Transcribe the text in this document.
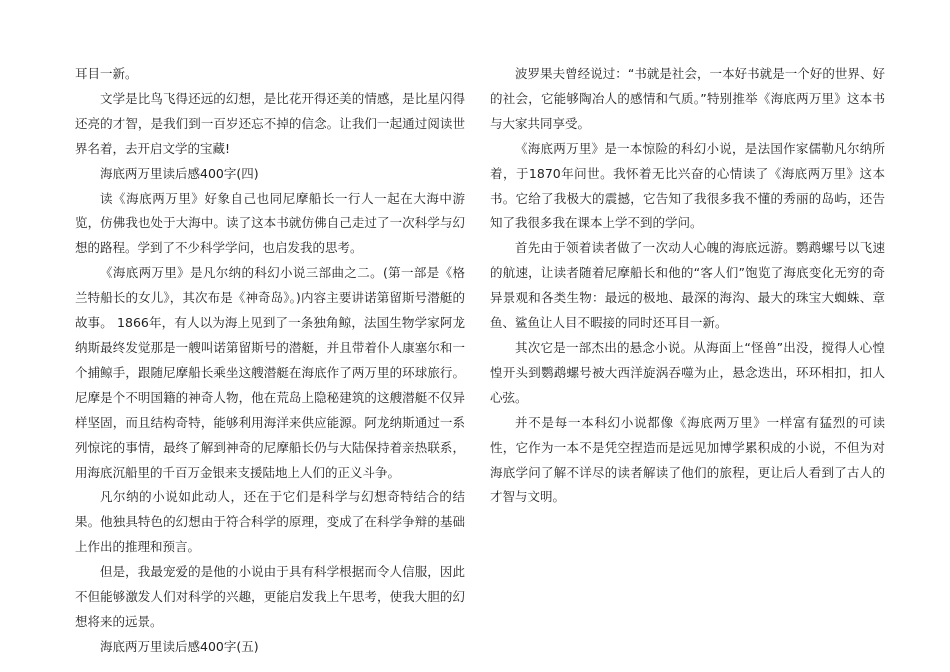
耳目一新。

文学是比鸟飞得还远的幻想，是比花开得还美的情感，是比星闪得还亮的才智，是我们到一百岁还忘不掉的信念。让我们一起通过阅读世界名着，去开启文学的宝藏!

海底两万里读后感400字(四)

读《海底两万里》好象自己也同尼摩船长一行人一起在大海中游览，仿佛我也处于大海中。读了这本书就仿佛自己走过了一次科学与幻想的路程。学到了不少科学学问，也启发我的思考。

《海底两万里》是凡尔纳的科幻小说三部曲之二。(第一部是《格兰特船长的女儿》，其次布是《神奇岛》。)内容主要讲诺第留斯号潜艇的故事。 1866年，有人以为海上见到了一条独角鲸，法国生物学家阿龙纳斯最终发觉那是一艘叫诺第留斯号的潜艇，并且带着仆人康塞尔和一个捕鲸手，跟随尼摩船长乘坐这艘潜艇在海底作了两万里的环球旅行。尼摩是个不明国籍的神奇人物，他在荒岛上隐秘建筑的这艘潜艇不仅异样坚固，而且结构奇特，能够利用海洋来供应能源。阿龙纳斯通过一系列惊诧的事情，最终了解到神奇的尼摩船长仍与大陆保持着亲热联系，用海底沉船里的千百万金银来支援陆地上人们的正义斗争。

凡尔纳的小说如此动人，还在于它们是科学与幻想奇特结合的结果。他独具特色的幻想由于符合科学的原理，变成了在科学争辩的基础上作出的推理和预言。

但是，我最宠爱的是他的小说由于具有科学根据而令人信服，因此不但能够激发人们对科学的兴趣，更能启发我上午思考，使我大胆的幻想将来的远景。

海底两万里读后感400字(五)

波罗果夫曾经说过：“书就是社会，一本好书就是一个好的世界、好的社会，它能够陶冶人的感情和气质。”特别推举《海底两万里》这本书与大家共同享受。

《海底两万里》是一本惊险的科幻小说，是法国作家儒勒凡尔纳所着，于1870年问世。我怀着无比兴奋的心情读了《海底两万里》这本书。它给了我极大的震撼，它告知了我很多我不懂的秀丽的岛屿，还告知了我很多我在课本上学不到的学问。

首先由于领着读者做了一次动人心魄的海底远游。鹦鹉螺号以飞速的航速，让读者随着尼摩船长和他的“客人们”饱览了海底变化无穷的奇异景观和各类生物：最远的极地、最深的海沟、最大的珠宝大蜘蛛、章鱼、鲨鱼让人目不暇接的同时还耳目一新。

其次它是一部杰出的悬念小说。从海面上“怪兽”出没，搅得人心惶惶开头到鹦鹉螺号被大西洋旋涡吞噬为止，悬念迭出，环环相扣，扣人心弦。

并不是每一本科幻小说都像《海底两万里》一样富有猛烈的可读性，它作为一本不是凭空捏造而是远见加博学累积成的小说，不但为对海底学问了解不详尽的读者解读了他们的旅程，更让后人看到了古人的才智与文明。
